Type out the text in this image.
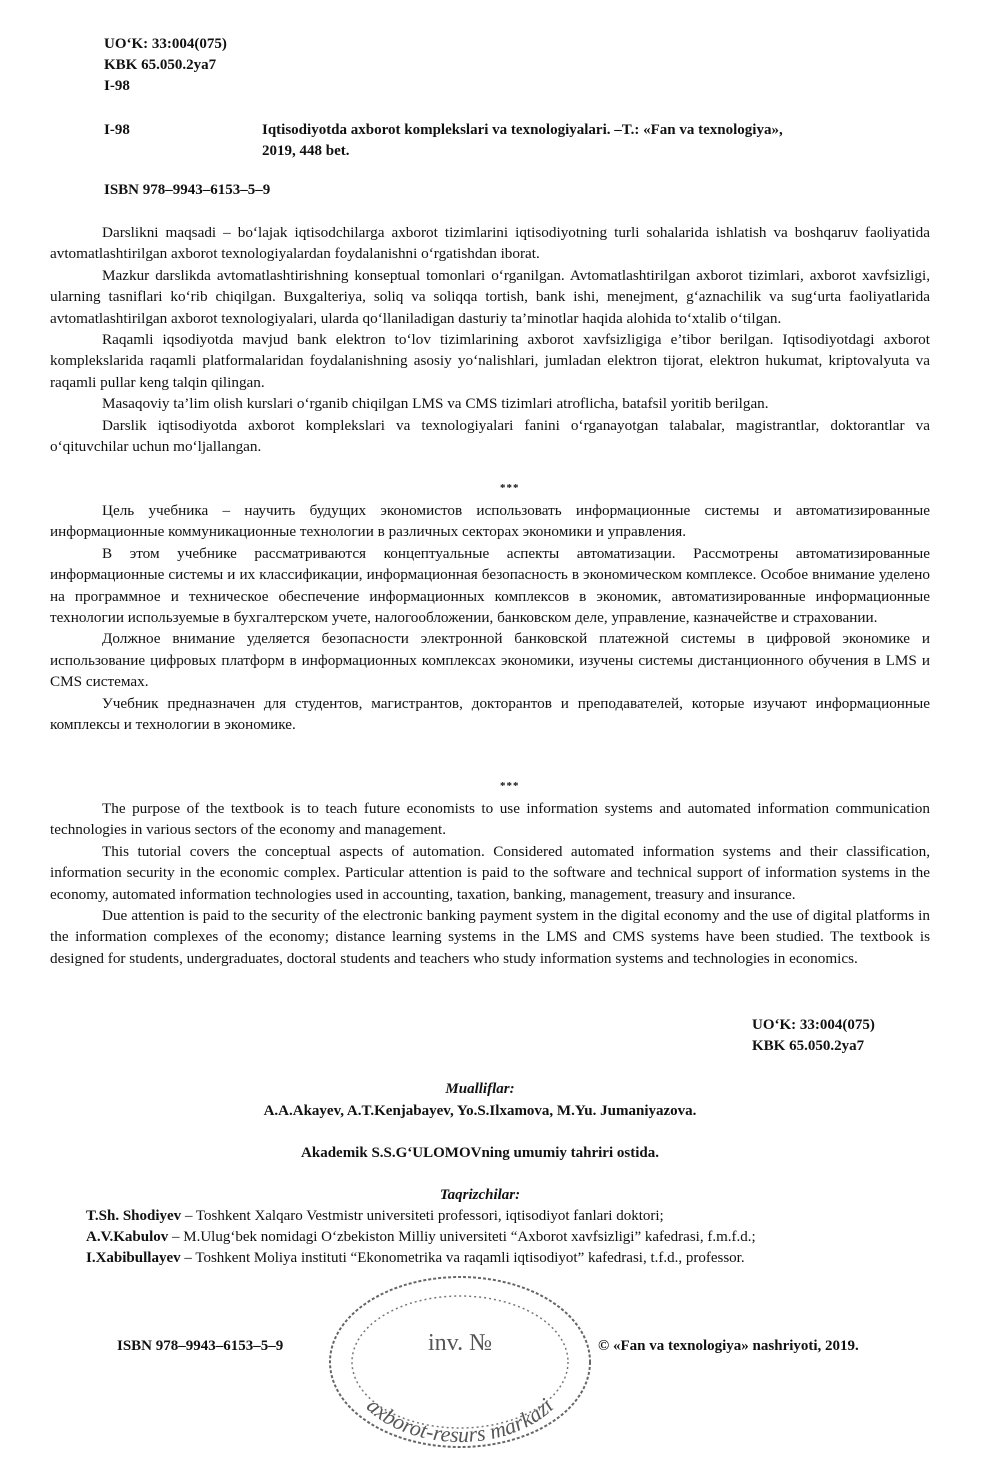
UO‘K: 33:004(075)
KBK 65.050.2ya7
I-98
I-98	Iqtisodiyotda axborot komplekslari va texnologiyalari. –T.: «Fan va texnologiya»,
2019, 448 bet.
ISBN 978–9943–6153–5–9

Darslikni maqsadi – bo‘lajak iqtisodchilarga axborot tizimlarini iqtisodiyotning turli sohalarida ishlatish va boshqaruv faoliyatida avtomatlashtirilgan axborot texnologiyalardan foydalanishni o‘rgatishdan iborat.

Mazkur darslikda avtomatlashtirishning konseptual tomonlari o‘rganilgan. Avtomatlashtirilgan axborot tizimlari, axborot xavfsizligi, ularning tasniflari ko‘rib chiqilgan. Buxgalteriya, soliq va soliqqa tortish, bank ishi, menejment, g‘aznachilik va sug‘urta faoliyatlarida avtomatlashtirilgan axborot texnologiyalari, ularda qo‘llaniladigan dasturiy ta’minotlar haqida alohida to‘xtalib o‘tilgan.

Raqamli iqsodiyotda mavjud bank elektron to‘lov tizimlarining axborot xavfsizligiga e’tibor berilgan. Iqtisodiyotdagi axborot komplekslarida raqamli platformalaridan foydalanishning asosiy yo‘nalishlari, jumladan elektron tijorat, elektron hukumat, kriptovalyuta va raqamli pullar keng talqin qilingan.

Masaqoviy ta’lim olish kurslari o‘rganib chiqilgan LMS va CMS tizimlari atroflicha, batafsil yoritib berilgan.

Darslik iqtisodiyotda axborot komplekslari va texnologiyalari fanini o‘rganayotgan talabalar, magistrantlar, doktorantlar va o‘qituvchilar uchun mo‘ljallangan.

***

Цель учебника – научить будущих экономистов использовать информационные системы и автоматизированные информационные коммуникационные технологии в различных секторах экономики и управления.

В этом учебнике рассматриваются концептуальные аспекты автоматизации. Рассмотрены автоматизированные информационные системы и их классификации, информационная безопасность в экономическом комплексе. Особое внимание уделено на программное и техническое обеспечение информационных комплексов в экономик, автоматизированные информационные технологии используемые в бухгалтерском учете, налогообложении, банковском деле, управление, казначействе и страховании.

Должное внимание уделяется безопасности электронной банковской платежной системы в цифровой экономике и использование цифровых платформ в информационных комплексах экономики, изучены системы дистанционного обучения в LMS и CMS системах.

Учебник предназначен для студентов, магистрантов, докторантов и преподавателей, которые изучают информационные комплексы и технологии в экономике.

***

The purpose of the textbook is to teach future economists to use information systems and automated information communication technologies in various sectors of the economy and management.

This tutorial covers the conceptual aspects of automation. Considered automated information systems and their classification, information security in the economic complex. Particular attention is paid to the software and technical support of information systems in the economy, automated information technologies used in accounting, taxation, banking, management, treasury and insurance.

Due attention is paid to the security of the electronic banking payment system in the digital economy and the use of digital platforms in the information complexes of the economy; distance learning systems in the LMS and CMS systems have been studied. The textbook is designed for students, undergraduates, doctoral students and teachers who study information systems and technologies in economics.

UO‘K: 33:004(075)
KBK 65.050.2ya7
Mualliflar:
A.A.Akayev, A.T.Kenjabayev, Yo.S.Ilxamova, M.Yu. Jumaniyazova.
Akademik S.S.G‘ULOMOVning umumiy tahriri ostida.
Taqrizchilar:
T.Sh. Shodiyev – Toshkent Xalqaro Vestmistr universiteti professori, iqtisodiyot fanlari doktori;
A.V.Kabulov – M.Ulug‘bek nomidagi O‘zbekiston Milliy universiteti “Axborot xavfsizligi” kafedrasi, f.m.f.d.;
I.Xabibullayev – Toshkent Moliya instituti “Ekonometrika va raqamli iqtisodiyot” kafedrasi, t.f.d., professor.
axborot-resurs markazi
inv. №
ISBN 978–9943–6153–5–9	© «Fan va texnologiya» nashriyoti, 2019.
